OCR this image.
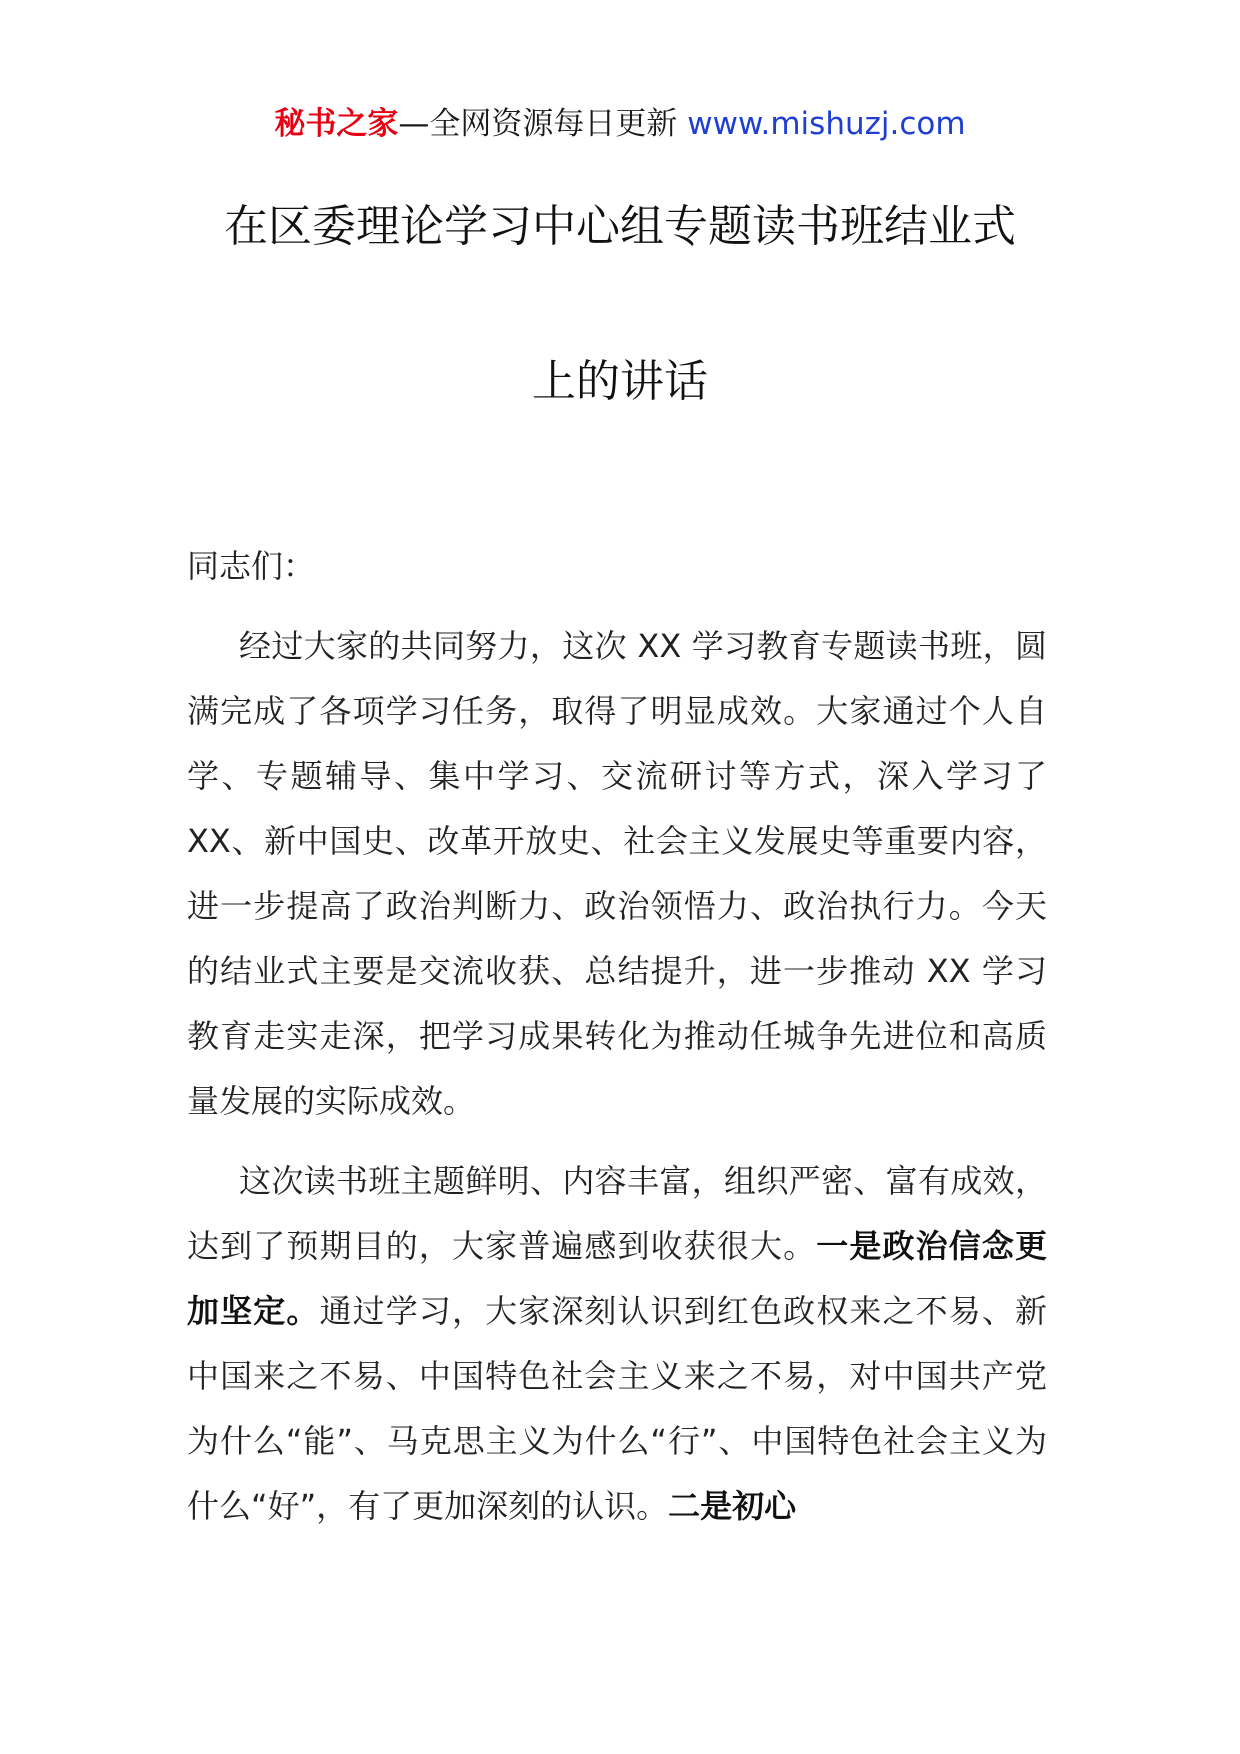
秘书之家—全网资源每日更新 www.mishuzj.com
在区委理论学习中心组专题读书班结业式
上的讲话

同志们：

经过大家的共同努力，这次 XX 学习教育专题读书班，圆满完成了各项学习任务，取得了明显成效。大家通过个人自学、专题辅导、集中学习、交流研讨等方式，深入学习了 XX、新中国史、改革开放史、社会主义发展史等重要内容，进一步提高了政治判断力、政治领悟力、政治执行力。今天的结业式主要是交流收获、总结提升，进一步推动 XX 学习教育走实走深，把学习成果转化为推动任城争先进位和高质量发展的实际成效。

这次读书班主题鲜明、内容丰富，组织严密、富有成效，达到了预期目的，大家普遍感到收获很大。一是政治信念更加坚定。通过学习，大家深刻认识到红色政权来之不易、新中国来之不易、中国特色社会主义来之不易，对中国共产党为什么“能”、马克思主义为什么“行”、中国特色社会主义为什么“好”，有了更加深刻的认识。二是初心
